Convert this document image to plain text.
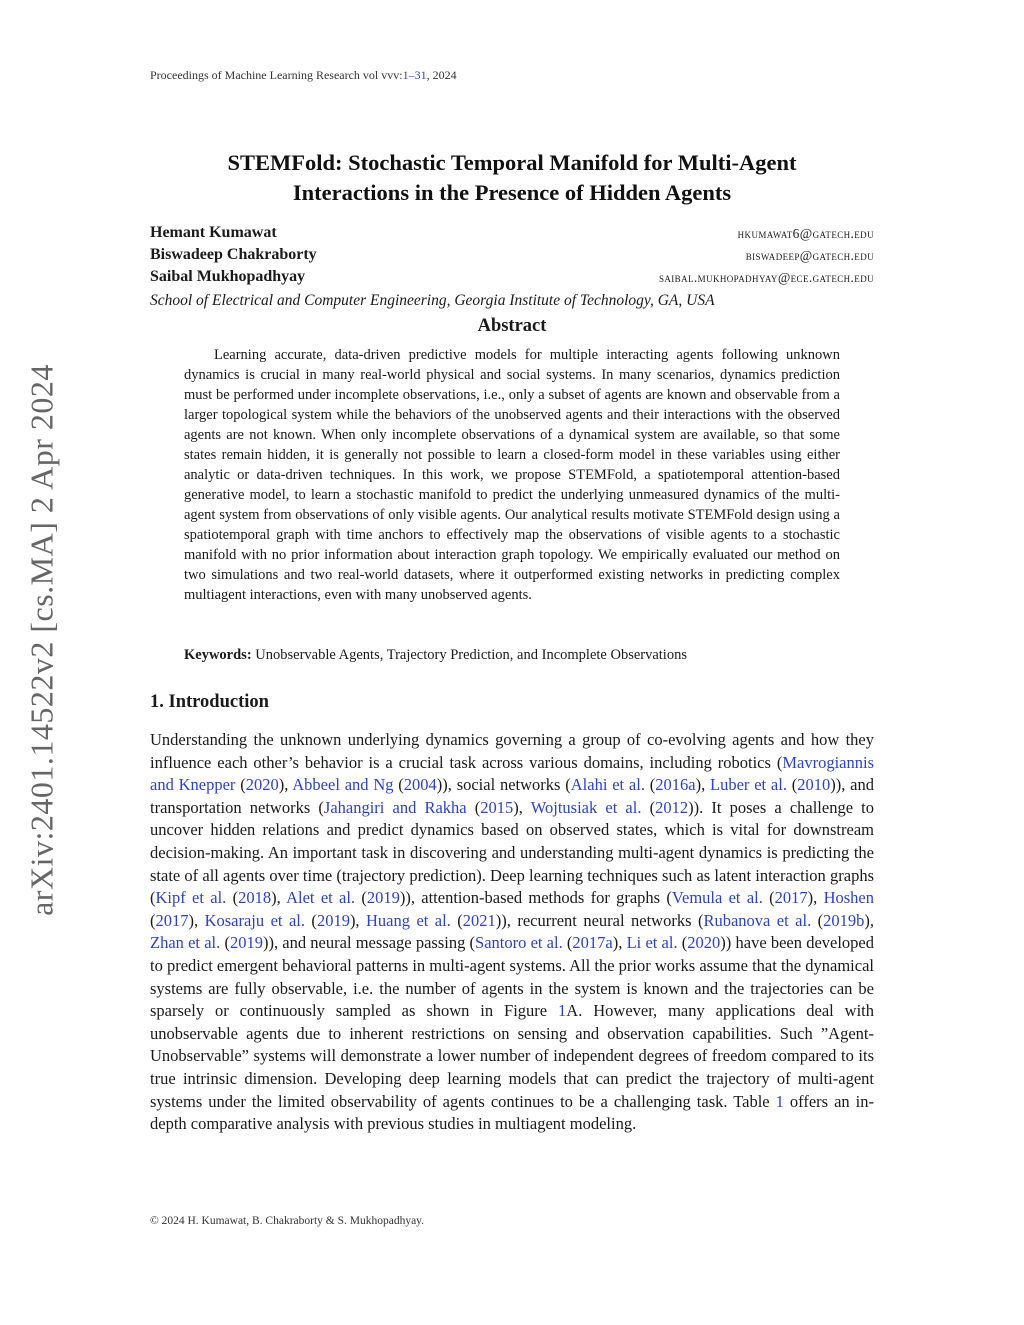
Proceedings of Machine Learning Research vol vvv:1–31, 2024
STEMFold: Stochastic Temporal Manifold for Multi-Agent
Interactions in the Presence of Hidden Agents
Hemant Kumawat	hkumawat6@gatech.edu
Biswadeep Chakraborty	biswadeep@gatech.edu
Saibal Mukhopadhyay	saibal.mukhopadhyay@ece.gatech.edu
School of Electrical and Computer Engineering, Georgia Institute of Technology, GA, USA
Abstract
Learning accurate, data-driven predictive models for multiple interacting agents following unknown dynamics is crucial in many real-world physical and social systems. In many scenarios, dynamics prediction must be performed under incomplete observations, i.e., only a subset of agents are known and observable from a larger topological system while the behaviors of the unobserved agents and their interactions with the observed agents are not known. When only incomplete observations of a dynamical system are available, so that some states remain hidden, it is generally not possible to learn a closed-form model in these variables using either analytic or data-driven techniques. In this work, we propose STEMFold, a spatiotemporal attention-based generative model, to learn a stochastic manifold to predict the underlying unmeasured dynamics of the multi-agent system from observations of only visible agents. Our analytical results motivate STEMFold design using a spatiotemporal graph with time anchors to effectively map the observations of visible agents to a stochastic manifold with no prior information about interaction graph topology. We empirically evaluated our method on two simulations and two real-world datasets, where it outperformed existing networks in predicting complex multiagent interactions, even with many unobserved agents.
Keywords: Unobservable Agents, Trajectory Prediction, and Incomplete Observations
1. Introduction
Understanding the unknown underlying dynamics governing a group of co-evolving agents and how they influence each other’s behavior is a crucial task across various domains, including robotics (Mavrogiannis and Knepper (2020), Abbeel and Ng (2004)), social networks (Alahi et al. (2016a), Luber et al. (2010)), and transportation networks (Jahangiri and Rakha (2015), Wojtusiak et al. (2012)). It poses a challenge to uncover hidden relations and predict dynamics based on observed states, which is vital for downstream decision-making. An important task in discovering and understanding multi-agent dynamics is predicting the state of all agents over time (trajectory prediction). Deep learning techniques such as latent interaction graphs (Kipf et al. (2018), Alet et al. (2019)), attention-based methods for graphs (Vemula et al. (2017), Hoshen (2017), Kosaraju et al. (2019), Huang et al. (2021)), recurrent neural networks (Rubanova et al. (2019b), Zhan et al. (2019)), and neural message passing (Santoro et al. (2017a), Li et al. (2020)) have been developed to predict emergent behavioral patterns in multi-agent systems. All the prior works assume that the dynamical systems are fully observable, i.e. the number of agents in the system is known and the trajectories can be sparsely or continuously sampled as shown in Figure 1A. However, many applications deal with unobservable agents due to inherent restrictions on sensing and observation capabilities. Such ”Agent-Unobservable” systems will demonstrate a lower number of independent degrees of freedom compared to its true intrinsic dimension. Developing deep learning models that can predict the trajectory of multi-agent systems under the limited observability of agents continues to be a challenging task. Table 1 offers an in-depth comparative analysis with previous studies in multiagent modeling.
© 2024 H. Kumawat, B. Chakraborty & S. Mukhopadhyay.
arXiv:2401.14522v2 [cs.MA] 2 Apr 2024
